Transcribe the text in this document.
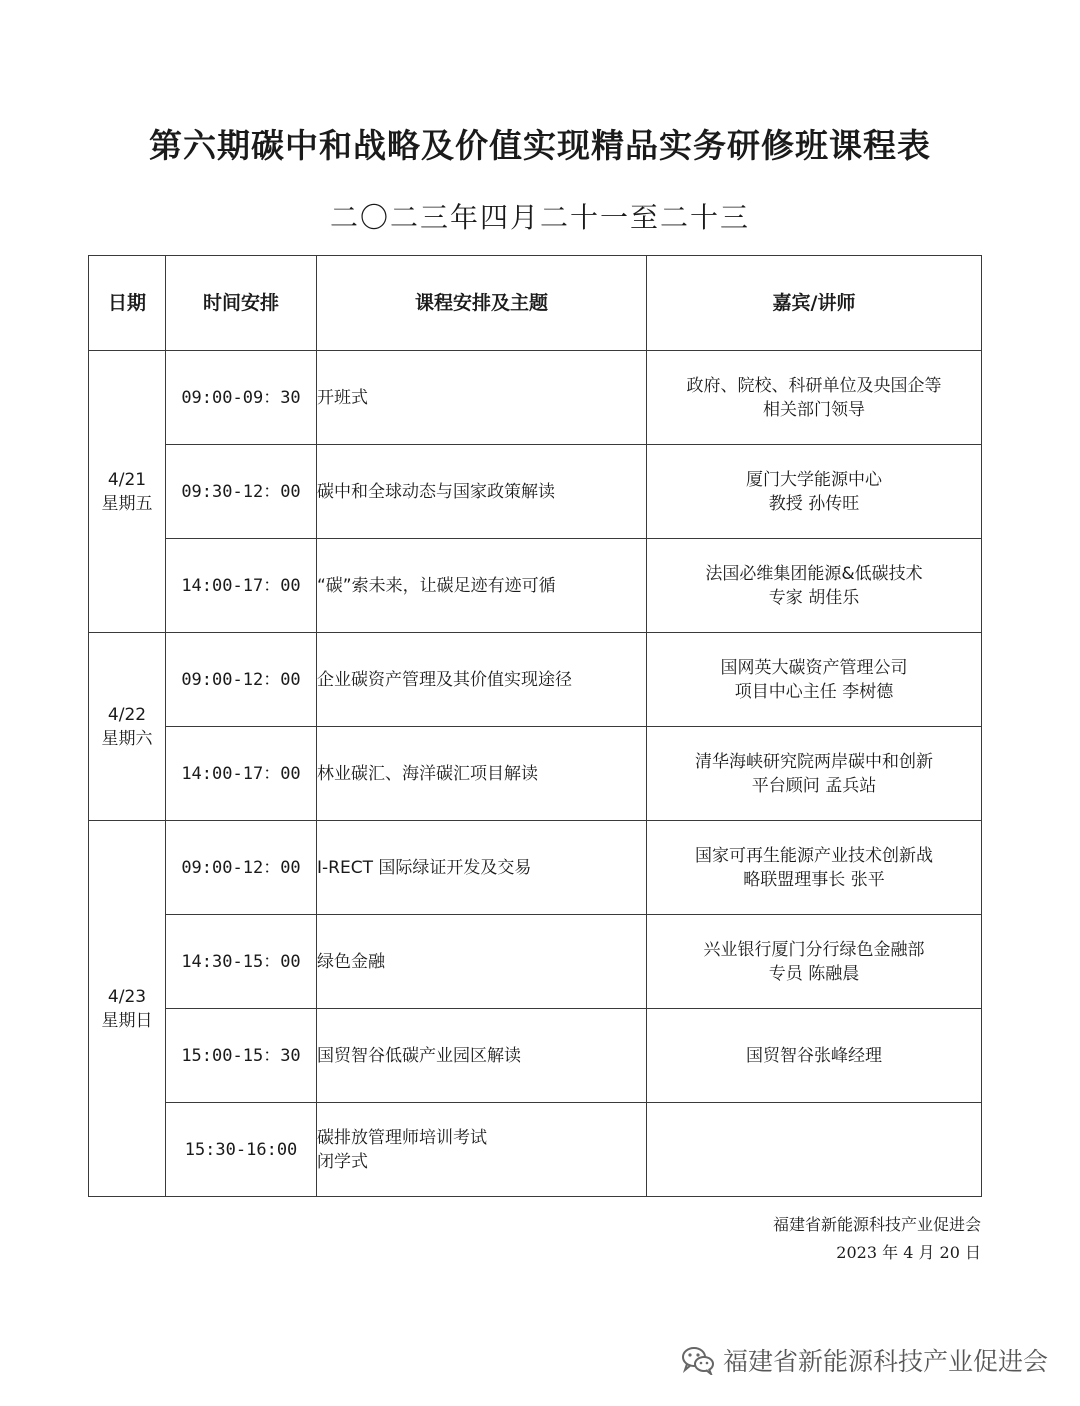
第六期碳中和战略及价值实现精品实务研修班课程表
二〇二三年四月二十一至二十三
日期	时间安排	课程安排及主题	嘉宾/讲师

4/21
星期五	09:00-09：30	开班式	政府、院校、科研单位及央国企等
相关部门领导

	09:30-12：00	碳中和全球动态与国家政策解读	厦门大学能源中心
教授 孙传旺

	14:00-17：00	“碳”索未来，让碳足迹有迹可循	法国必维集团能源&低碳技术
专家 胡佳乐

4/22
星期六	09:00-12：00	企业碳资产管理及其价值实现途径	国网英大碳资产管理公司
项目中心主任 李树德

	14:00-17：00	林业碳汇、海洋碳汇项目解读	清华海峡研究院两岸碳中和创新
平台顾问 孟兵站

4/23
星期日	09:00-12：00	I-RECT 国际绿证开发及交易	国家可再生能源产业技术创新战
略联盟理事长 张平

	14:30-15：00	绿色金融	兴业银行厦门分行绿色金融部
专员 陈融晨

	15:00-15：30	国贸智谷低碳产业园区解读	国贸智谷张峰经理

	15:30-16:00	碳排放管理师培训考试
闭学式	

福建省新能源科技产业促进会
2023 年 4 月 20 日
福建省新能源科技产业促进会
